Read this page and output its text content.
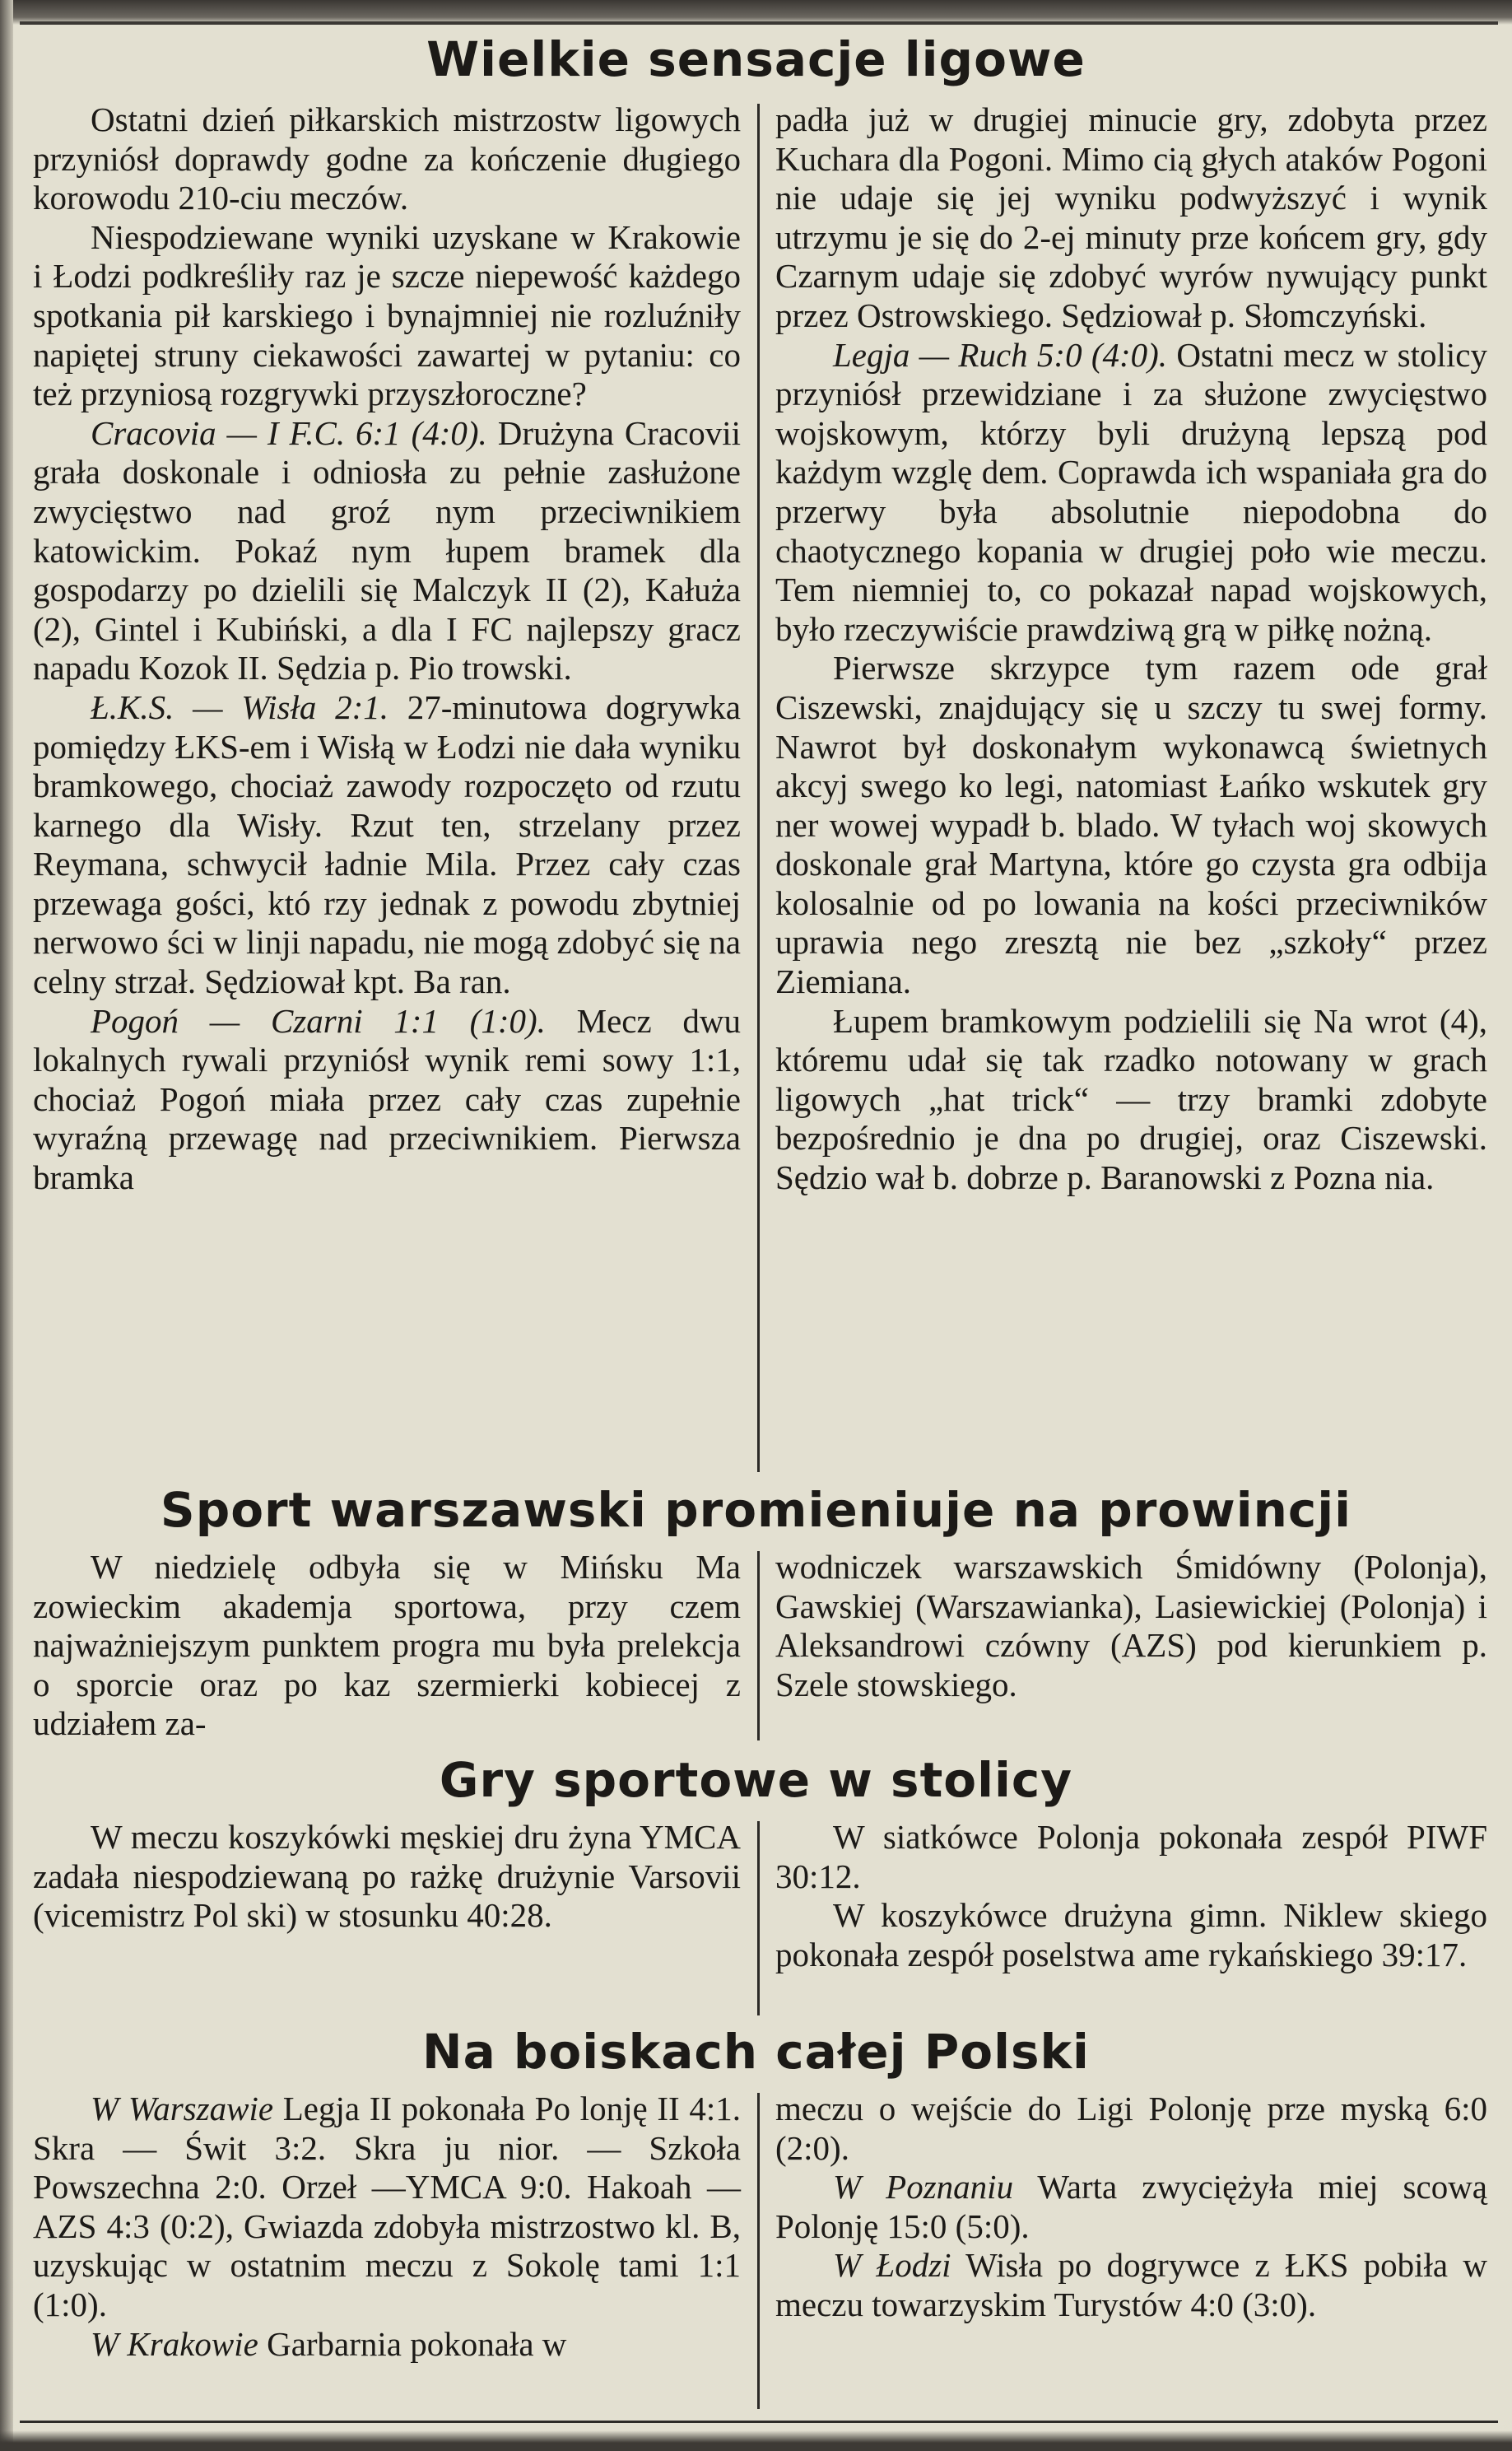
Wielkie sensacje ligowe

Ostatni dzień piłkarskich mistrzostw ligowych przyniósł doprawdy godne za kończenie długiego korowodu 210-ciu meczów.

Niespodziewane wyniki uzyskane w Krakowie i Łodzi podkreśliły raz je szcze niepewość każdego spotkania pił karskiego i bynajmniej nie rozluźniły napiętej struny ciekawości zawartej w pytaniu: co też przyniosą rozgrywki przyszłoroczne?

Cracovia — I F.C. 6:1 (4:0). Drużyna Cracovii grała doskonale i odniosła zu pełnie zasłużone zwycięstwo nad groź nym przeciwnikiem katowickim. Pokaź nym łupem bramek dla gospodarzy po dzielili się Malczyk II (2), Kałuża (2), Gintel i Kubiński, a dla I FC najlepszy gracz napadu Kozok II. Sędzia p. Pio trowski.

Ł.K.S. — Wisła 2:1. 27-minutowa dogrywka pomiędzy ŁKS-em i Wisłą w Łodzi nie dała wyniku bramkowego, chociaż zawody rozpoczęto od rzutu karnego dla Wisły. Rzut ten, strzelany przez Reymana, schwycił ładnie Mila. Przez cały czas przewaga gości, któ rzy jednak z powodu zbytniej nerwowo ści w linji napadu, nie mogą zdobyć się na celny strzał. Sędziował kpt. Ba ran.

Pogoń — Czarni 1:1 (1:0). Mecz dwu lokalnych rywali przyniósł wynik remi sowy 1:1, chociaż Pogoń miała przez cały czas zupełnie wyraźną przewagę nad przeciwnikiem. Pierwsza bramka

padła już w drugiej minucie gry, zdobyta przez Kuchara dla Pogoni. Mimo cią głych ataków Pogoni nie udaje się jej wyniku podwyższyć i wynik utrzymu je się do 2-ej minuty prze końcem gry, gdy Czarnym udaje się zdobyć wyrów nywujący punkt przez Ostrowskiego. Sędziował p. Słomczyński.

Legja — Ruch 5:0 (4:0). Ostatni mecz w stolicy przyniósł przewidziane i za służone zwycięstwo wojskowym, którzy byli drużyną lepszą pod każdym wzglę dem. Coprawda ich wspaniała gra do przerwy była absolutnie niepodobna do chaotycznego kopania w drugiej poło wie meczu. Tem niemniej to, co pokazał napad wojskowych, było rzeczywiście prawdziwą grą w piłkę nożną.

Pierwsze skrzypce tym razem ode grał Ciszewski, znajdujący się u szczy tu swej formy. Nawrot był doskonałym wykonawcą świetnych akcyj swego ko legi, natomiast Łańko wskutek gry ner wowej wypadł b. blado. W tyłach woj skowych doskonale grał Martyna, które go czysta gra odbija kolosalnie od po lowania na kości przeciwników uprawia nego zresztą nie bez „szkoły“ przez Ziemiana.

Łupem bramkowym podzielili się Na wrot (4), któremu udał się tak rzadko notowany w grach ligowych „hat trick“ — trzy bramki zdobyte bezpośrednio je dna po drugiej, oraz Ciszewski. Sędzio wał b. dobrze p. Baranowski z Pozna nia.

Sport warszawski promieniuje na prowincji

W niedzielę odbyła się w Mińsku Ma zowieckim akademja sportowa, przy czem najważniejszym punktem progra mu była prelekcja o sporcie oraz po kaz szermierki kobiecej z udziałem za-

wodniczek warszawskich Śmidówny (Polonja), Gawskiej (Warszawianka), Lasiewickiej (Polonja) i Aleksandrowi czówny (AZS) pod kierunkiem p. Szele stowskiego.

Gry sportowe w stolicy

W meczu koszykówki męskiej dru żyna YMCA zadała niespodziewaną po rażkę drużynie Varsovii (vicemistrz Pol ski) w stosunku 40:28.

W siatkówce Polonja pokonała zespół PIWF 30:12.

W koszykówce drużyna gimn. Niklew skiego pokonała zespół poselstwa ame rykańskiego 39:17.

Na boiskach całej Polski

W Warszawie Legja II pokonała Po lonję II 4:1. Skra — Świt 3:2. Skra ju nior. — Szkoła Powszechna 2:0. Orzeł —YMCA 9:0. Hakoah — AZS 4:3 (0:2), Gwiazda zdobyła mistrzostwo kl. B, uzyskując w ostatnim meczu z Sokolę tami 1:1 (1:0).

W Krakowie Garbarnia pokonała w

meczu o wejście do Ligi Polonję prze myską 6:0 (2:0).

W Poznaniu Warta zwyciężyła miej scową Polonję 15:0 (5:0).

W Łodzi Wisła po dogrywce z ŁKS pobiła w meczu towarzyskim Turystów 4:0 (3:0).
